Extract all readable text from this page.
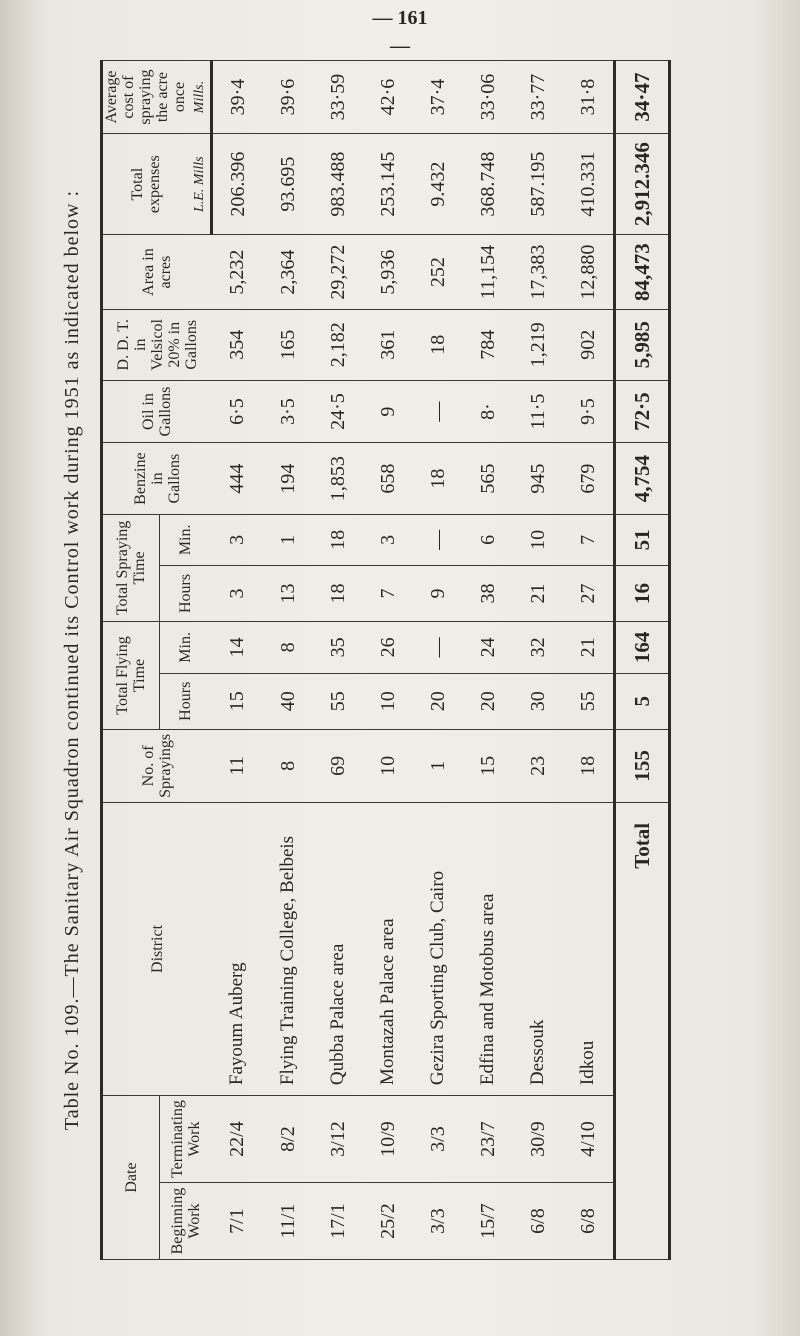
— 161 —
Table No. 109.—The Sanitary Air Squadron continued its Control work during 1951 as indicated below :
Date		District	No. of Sprayings	Total Flying Time		Total Spraying Time		Benzine in Gallons	Oil in Gallons	D. D. T. in Velsicol 20% in Gallons	Area in acres	Total expenses	Average cost of spraying the acre once
Beginning Work	Terminating Work			Hours	Min.	Hours	Min.						
												L.E. Mills	Mills.
7/1	22/4	Fayoum Auberg	11	15	14	3	3	444	6·5	354	5,232	206.396	39·4
11/1	8/2	Flying Training College, Belbeis	8	40	8	13	1	194	3·5	165	2,364	93.695	39·6
17/1	3/12	Qubba Palace area	69	55	35	18	18	1,853	24·5	2,182	29,272	983.488	33·59
25/2	10/9	Montazah Palace area	10	10	26	7	3	658	9	361	5,936	253.145	42·6
3/3	3/3	Gezira Sporting Club, Cairo	1	20	—	9	—	18	—	18	252	9.432	37·4
15/7	23/7	Edfina and Motobus area	15	20	24	38	6	565	8·	784	11,154	368.748	33·06
6/8	30/9	Dessouk	23	30	32	21	10	945	11·5	1,219	17,383	587.195	33·77
6/8	4/10	Idkou	18	55	21	27	7	679	9·5	902	12,880	410.331	31·8
Total			155	5	164	16	51	4,754	72·5	5,985	84,473	2,912.346	34·47
